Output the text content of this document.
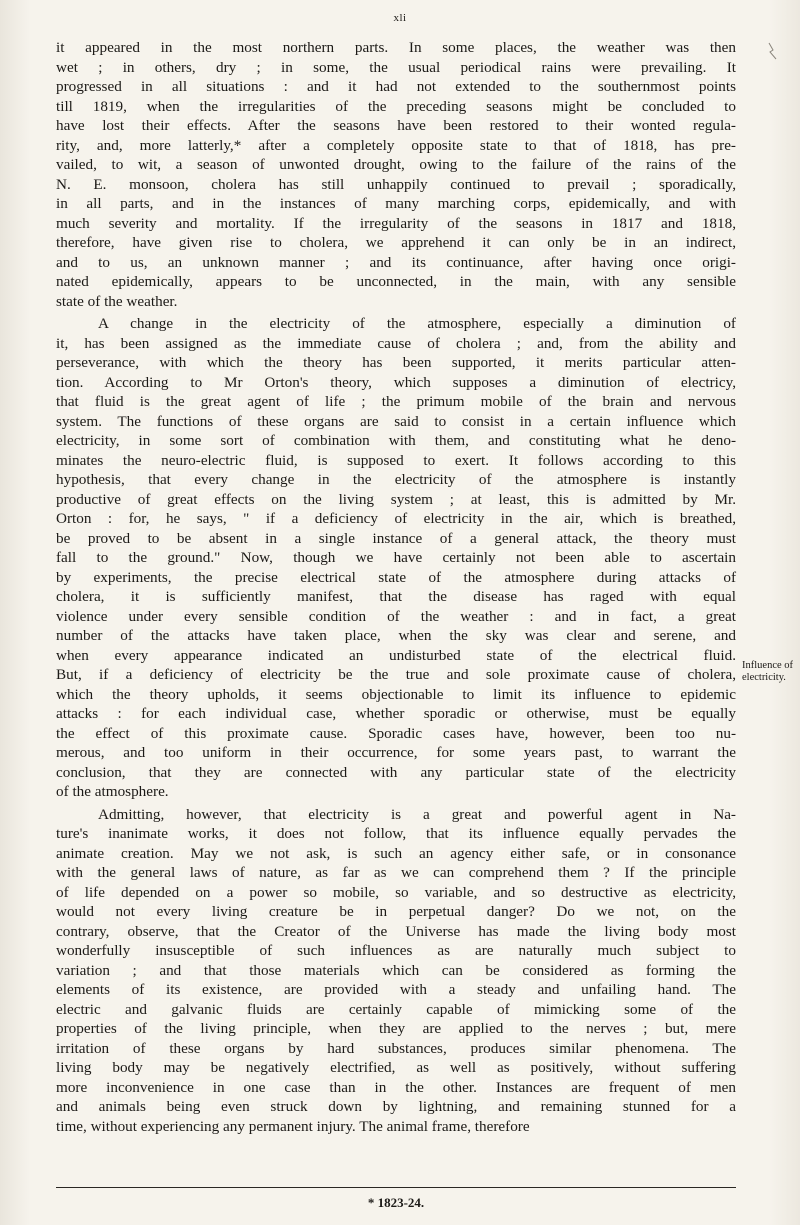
xli
it appeared in the most northern parts. In some places, the weather was then
wet ; in others, dry ; in some, the usual periodical rains were prevailing. It
progressed in all situations : and it had not extended to the southernmost points
till 1819, when the irregularities of the preceding seasons might be concluded to
have lost their effects. After the seasons have been restored to their wonted regula-
rity, and, more latterly,* after a completely opposite state to that of 1818, has pre-
vailed, to wit, a season of unwonted drought, owing to the failure of the rains of the
N. E. monsoon, cholera has still unhappily continued to prevail ; sporadically,
in all parts, and in the instances of many marching corps, epidemically, and with
much severity and mortality. If the irregularity of the seasons in 1817 and 1818,
therefore, have given rise to cholera, we apprehend it can only be in an indirect,
and to us, an unknown manner ; and its continuance, after having once origi-
nated epidemically, appears to be unconnected, in the main, with any sensible
state of the weather.
A change in the electricity of the atmosphere, especially a diminution of
it, has been assigned as the immediate cause of cholera ; and, from the ability and
perseverance, with which the theory has been supported, it merits particular atten-
tion. According to Mr Orton's theory, which supposes a diminution of electricy,
that fluid is the great agent of life ; the primum mobile of the brain and nervous
system. The functions of these organs are said to consist in a certain influence which
electricity, in some sort of combination with them, and constituting what he deno-
minates the neuro-electric fluid, is supposed to exert. It follows according to this
hypothesis, that every change in the electricity of the atmosphere is instantly
productive of great effects on the living system ; at least, this is admitted by Mr.
Orton : for, he says, " if a deficiency of electricity in the air, which is breathed,
be proved to be absent in a single instance of a general attack, the theory must
fall to the ground." Now, though we have certainly not been able to ascertain
by experiments, the precise electrical state of the atmosphere during attacks of
cholera, it is sufficiently manifest, that the disease has raged with equal
violence under every sensible condition of the weather : and in fact, a great
number of the attacks have taken place, when the sky was clear and serene, and
when every appearance indicated an undisturbed state of the electrical fluid.
But, if a deficiency of electricity be the true and sole proximate cause of cholera,
which the theory upholds, it seems objectionable to limit its influence to epidemic
attacks : for each individual case, whether sporadic or otherwise, must be equally
the effect of this proximate cause. Sporadic cases have, however, been too nu-
merous, and too uniform in their occurrence, for some years past, to warrant the
conclusion, that they are connected with any particular state of the electricity
of the atmosphere.
Admitting, however, that electricity is a great and powerful agent in Na-
ture's inanimate works, it does not follow, that its influence equally pervades the
animate creation. May we not ask, is such an agency either safe, or in consonance
with the general laws of nature, as far as we can comprehend them ? If the principle
of life depended on a power so mobile, so variable, and so destructive as electricity,
would not every living creature be in perpetual danger? Do we not, on the
contrary, observe, that the Creator of the Universe has made the living body most
wonderfully insusceptible of such influences as are naturally much subject to
variation ; and that those materials which can be considered as forming the
elements of its existence, are provided with a steady and unfailing hand. The
electric and galvanic fluids are certainly capable of mimicking some of the
properties of the living principle, when they are applied to the nerves ; but, mere
irritation of these organs by hard substances, produces similar phenomena. The
living body may be negatively electrified, as well as positively, without suffering
more inconvenience in one case than in the other. Instances are frequent of men
and animals being even struck down by lightning, and remaining stunned for a
time, without experiencing any permanent injury. The animal frame, therefore
Influence of electricity.
* 1823-24.
